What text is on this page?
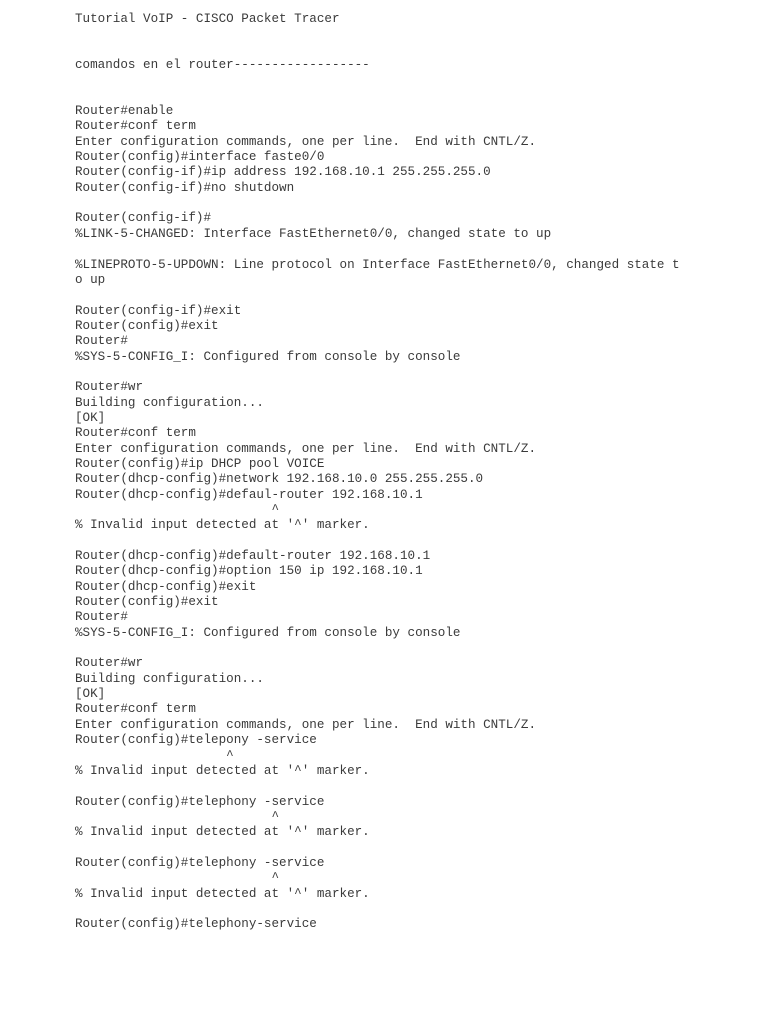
Tutorial VoIP - CISCO Packet Tracer
comandos en el router------------------
Router#enable
Router#conf term
Enter configuration commands, one per line.  End with CNTL/Z.
Router(config)#interface faste0/0
Router(config-if)#ip address 192.168.10.1 255.255.255.0
Router(config-if)#no shutdown
Router(config-if)#
%LINK-5-CHANGED: Interface FastEthernet0/0, changed state to up
%LINEPROTO-5-UPDOWN: Line protocol on Interface FastEthernet0/0, changed state t
o up
Router(config-if)#exit
Router(config)#exit
Router#
%SYS-5-CONFIG_I: Configured from console by console
Router#wr
Building configuration...
[OK]
Router#conf term
Enter configuration commands, one per line.  End with CNTL/Z.
Router(config)#ip DHCP pool VOICE
Router(dhcp-config)#network 192.168.10.0 255.255.255.0
Router(dhcp-config)#defaul-router 192.168.10.1
^
% Invalid input detected at '^' marker.
Router(dhcp-config)#default-router 192.168.10.1
Router(dhcp-config)#option 150 ip 192.168.10.1
Router(dhcp-config)#exit
Router(config)#exit
Router#
%SYS-5-CONFIG_I: Configured from console by console
Router#wr
Building configuration...
[OK]
Router#conf term
Enter configuration commands, one per line.  End with CNTL/Z.
Router(config)#telepony -service
^
% Invalid input detected at '^' marker.
Router(config)#telephony -service
^
% Invalid input detected at '^' marker.
Router(config)#telephony -service
^
% Invalid input detected at '^' marker.
Router(config)#telephony-service
